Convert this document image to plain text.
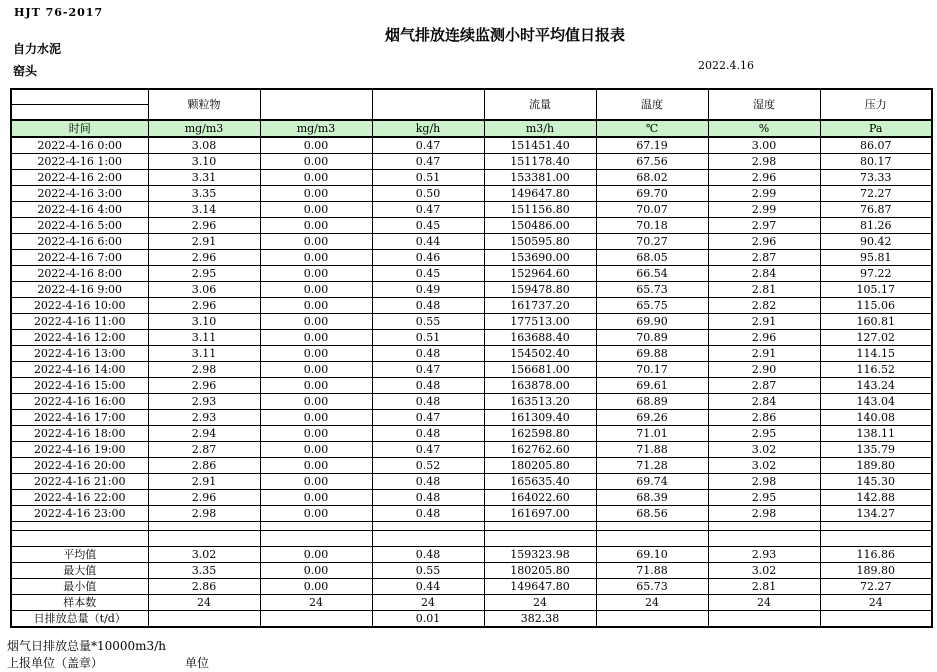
HJT 76-2017
烟气排放连续监测小时平均值日报表
自力水泥
窑头	2022.4.16
	颗粒物			流量	温度	湿度	压力
时间	mg/m3	mg/m3	kg/h	m3/h	℃	%	Pa
2022-4-16 0:00	3.08	0.00	0.47	151451.40	67.19	3.00	86.07
2022-4-16 1:00	3.10	0.00	0.47	151178.40	67.56	2.98	80.17
2022-4-16 2:00	3.31	0.00	0.51	153381.00	68.02	2.96	73.33
2022-4-16 3:00	3.35	0.00	0.50	149647.80	69.70	2.99	72.27
2022-4-16 4:00	3.14	0.00	0.47	151156.80	70.07	2.99	76.87
2022-4-16 5:00	2.96	0.00	0.45	150486.00	70.18	2.97	81.26
2022-4-16 6:00	2.91	0.00	0.44	150595.80	70.27	2.96	90.42
2022-4-16 7:00	2.96	0.00	0.46	153690.00	68.05	2.87	95.81
2022-4-16 8:00	2.95	0.00	0.45	152964.60	66.54	2.84	97.22
2022-4-16 9:00	3.06	0.00	0.49	159478.80	65.73	2.81	105.17
2022-4-16 10:00	2.96	0.00	0.48	161737.20	65.75	2.82	115.06
2022-4-16 11:00	3.10	0.00	0.55	177513.00	69.90	2.91	160.81
2022-4-16 12:00	3.11	0.00	0.51	163688.40	70.89	2.96	127.02
2022-4-16 13:00	3.11	0.00	0.48	154502.40	69.88	2.91	114.15
2022-4-16 14:00	2.98	0.00	0.47	156681.00	70.17	2.90	116.52
2022-4-16 15:00	2.96	0.00	0.48	163878.00	69.61	2.87	143.24
2022-4-16 16:00	2.93	0.00	0.48	163513.20	68.89	2.84	143.04
2022-4-16 17:00	2.93	0.00	0.47	161309.40	69.26	2.86	140.08
2022-4-16 18:00	2.94	0.00	0.48	162598.80	71.01	2.95	138.11
2022-4-16 19:00	2.87	0.00	0.47	162762.60	71.88	3.02	135.79
2022-4-16 20:00	2.86	0.00	0.52	180205.80	71.28	3.02	189.80
2022-4-16 21:00	2.91	0.00	0.48	165635.40	69.74	2.98	145.30
2022-4-16 22:00	2.96	0.00	0.48	164022.60	68.39	2.95	142.88
2022-4-16 23:00	2.98	0.00	0.48	161697.00	68.56	2.98	134.27

平均值	3.02	0.00	0.48	159323.98	69.10	2.93	116.86
最大值	3.35	0.00	0.55	180205.80	71.88	3.02	189.80
最小值	2.86	0.00	0.44	149647.80	65.73	2.81	72.27
样本数	24	24	24	24	24	24	24
日排放总量（t/d）			0.01	382.38			
烟气日排放总量*10000m3/h
上报单位（盖章）	单位
